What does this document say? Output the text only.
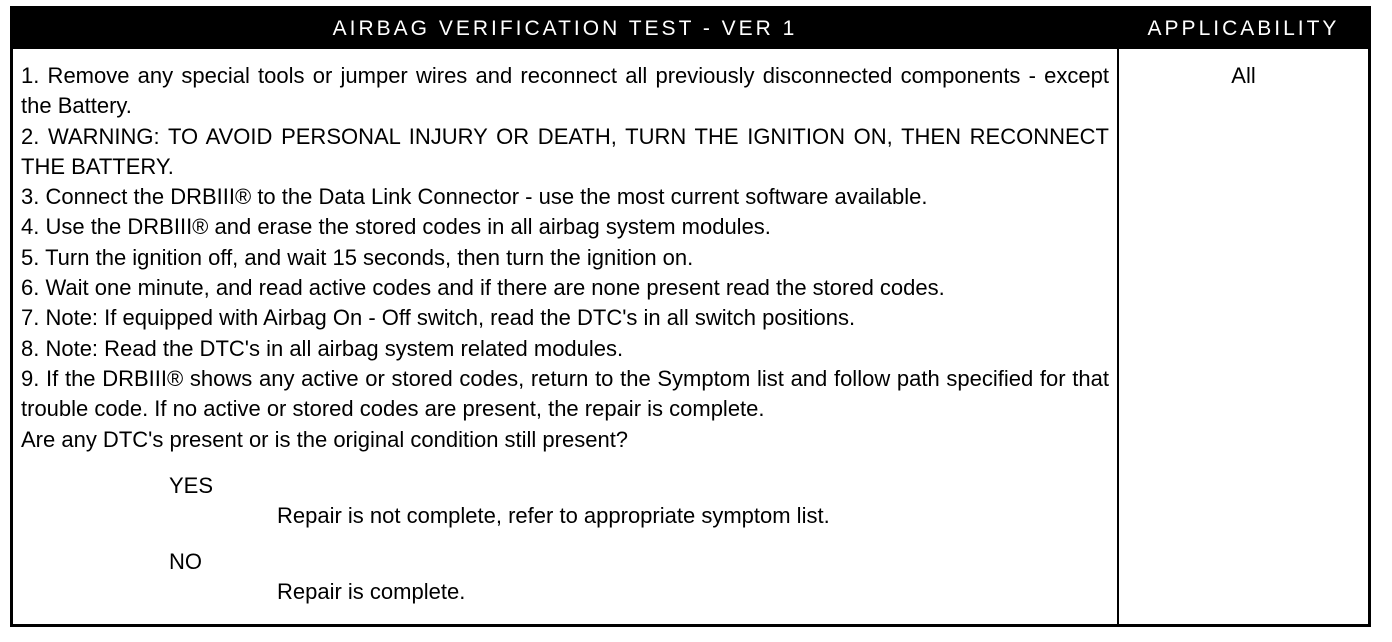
AIRBAG VERIFICATION TEST - VER 1	APPLICABILITY
1. Remove any special tools or jumper wires and reconnect all previously disconnected components - except the Battery.
2. WARNING: TO AVOID PERSONAL INJURY OR DEATH, TURN THE IGNITION ON, THEN RECONNECT THE BATTERY.
3. Connect the DRBIII® to the Data Link Connector - use the most current software available.
4. Use the DRBIII® and erase the stored codes in all airbag system modules.
5. Turn the ignition off, and wait 15 seconds, then turn the ignition on.
6. Wait one minute, and read active codes and if there are none present read the stored codes.
7. Note: If equipped with Airbag On - Off switch, read the DTC's in all switch positions.
8. Note: Read the DTC's in all airbag system related modules.
9. If the DRBIII® shows any active or stored codes, return to the Symptom list and follow path specified for that trouble code. If no active or stored codes are present, the repair is complete.
Are any DTC's present or is the original condition still present?
YES
Repair is not complete, refer to appropriate symptom list.
NO
Repair is complete.
All
